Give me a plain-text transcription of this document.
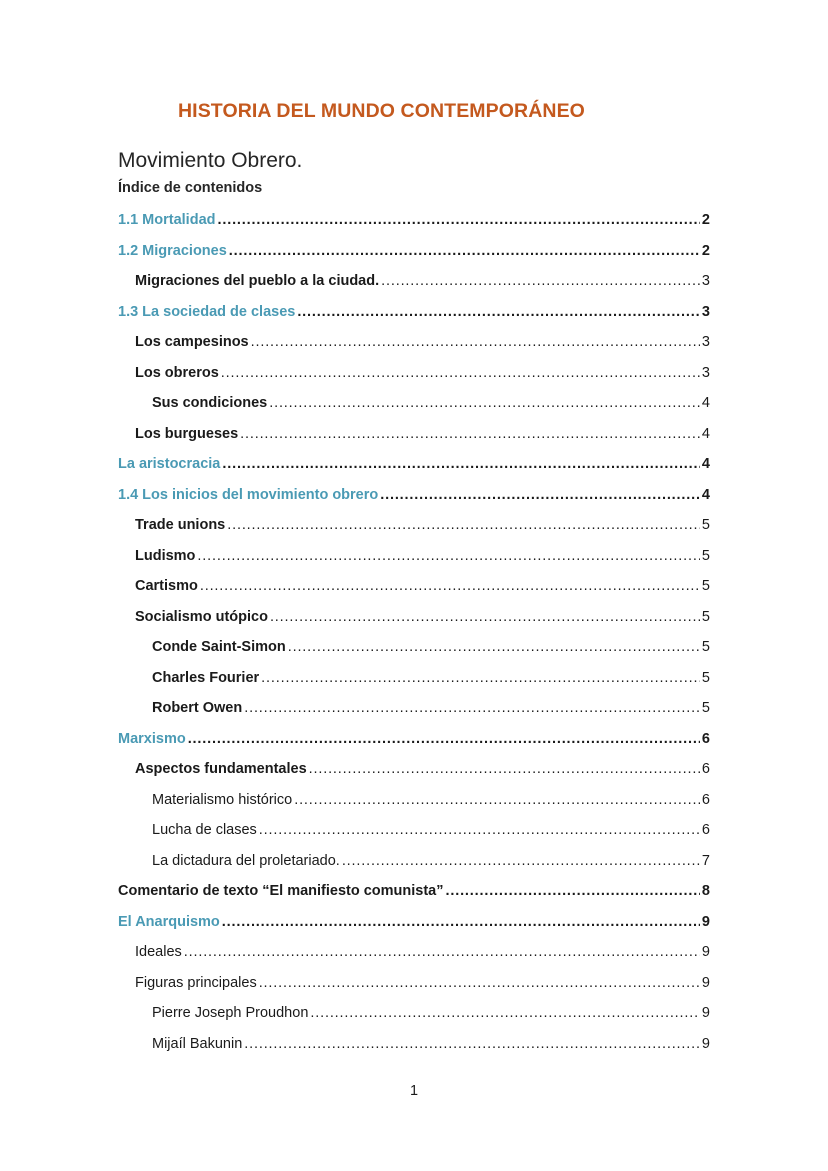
HISTORIA DEL MUNDO CONTEMPORÁNEO
Movimiento Obrero.
Índice de contenidos
1.1 Mortalidad . . .	2
1.2 Migraciones . . .	2
Migraciones del pueblo a la ciudad. . . .	3
1.3 La sociedad de clases . . .	3
Los campesinos . . .	3
Los obreros . . .	3
Sus condiciones . . .	4
Los burgueses . . .	4
La aristocracia . . .	4
1.4 Los inicios del movimiento obrero . . .	4
Trade unions . . .	5
Ludismo . . .	5
Cartismo . . .	5
Socialismo utópico . . .	5
Conde Saint-Simon . . .	5
Charles Fourier . . .	5
Robert Owen . . .	5
Marxismo . . .	6
Aspectos fundamentales . . .	6
Materialismo histórico . . .	6
Lucha de clases . . .	6
La dictadura del proletariado. . . .	7
Comentario de texto “El manifiesto comunista” . . .	8
El Anarquismo . . .	9
Ideales . . .	9
Figuras principales . . .	9
Pierre Joseph Proudhon . . .	9
Mijaíl Bakunin . . .	9
1
